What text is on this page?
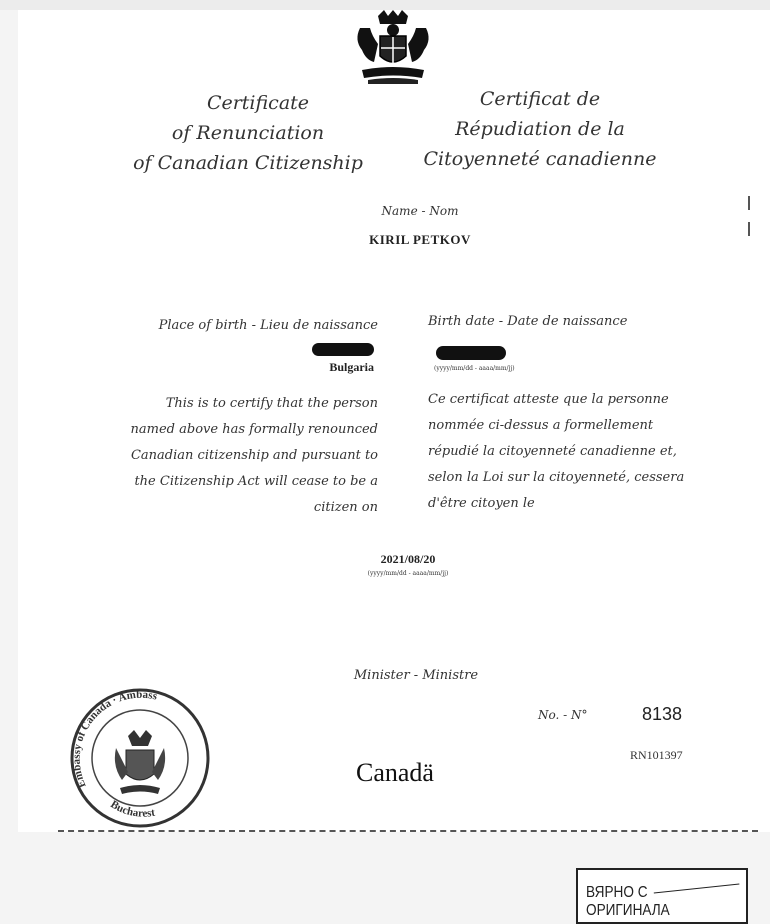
Certificate
of Renunciation
of Canadian Citizenship
Certificat de
Répudiation de la
Citoyenneté canadienne
Name - Nom
KIRIL PETKOV
Place of birth - Lieu de naissance
Bulgaria
Birth date - Date de naissance
(yyyy/mm/dd - aaaa/mm/jj)
This is to certify that the person
named above has formally renounced
Canadian citizenship and pursuant to
the Citizenship Act will cease to be a
citizen on
Ce certificat atteste que la personne
nommée ci-dessus a formellement
répudié la citoyenneté canadienne et,
selon la Loi sur la citoyenneté, cessera
d'être citoyen le
2021/08/20
(yyyy/mm/dd - aaaa/mm/jj)
Minister - Ministre
No. - N°	8138
RN101397
Canadä
Embassy of Canada · Ambass
Bucharest
ВЯРНО С ОРИГИНАЛА
